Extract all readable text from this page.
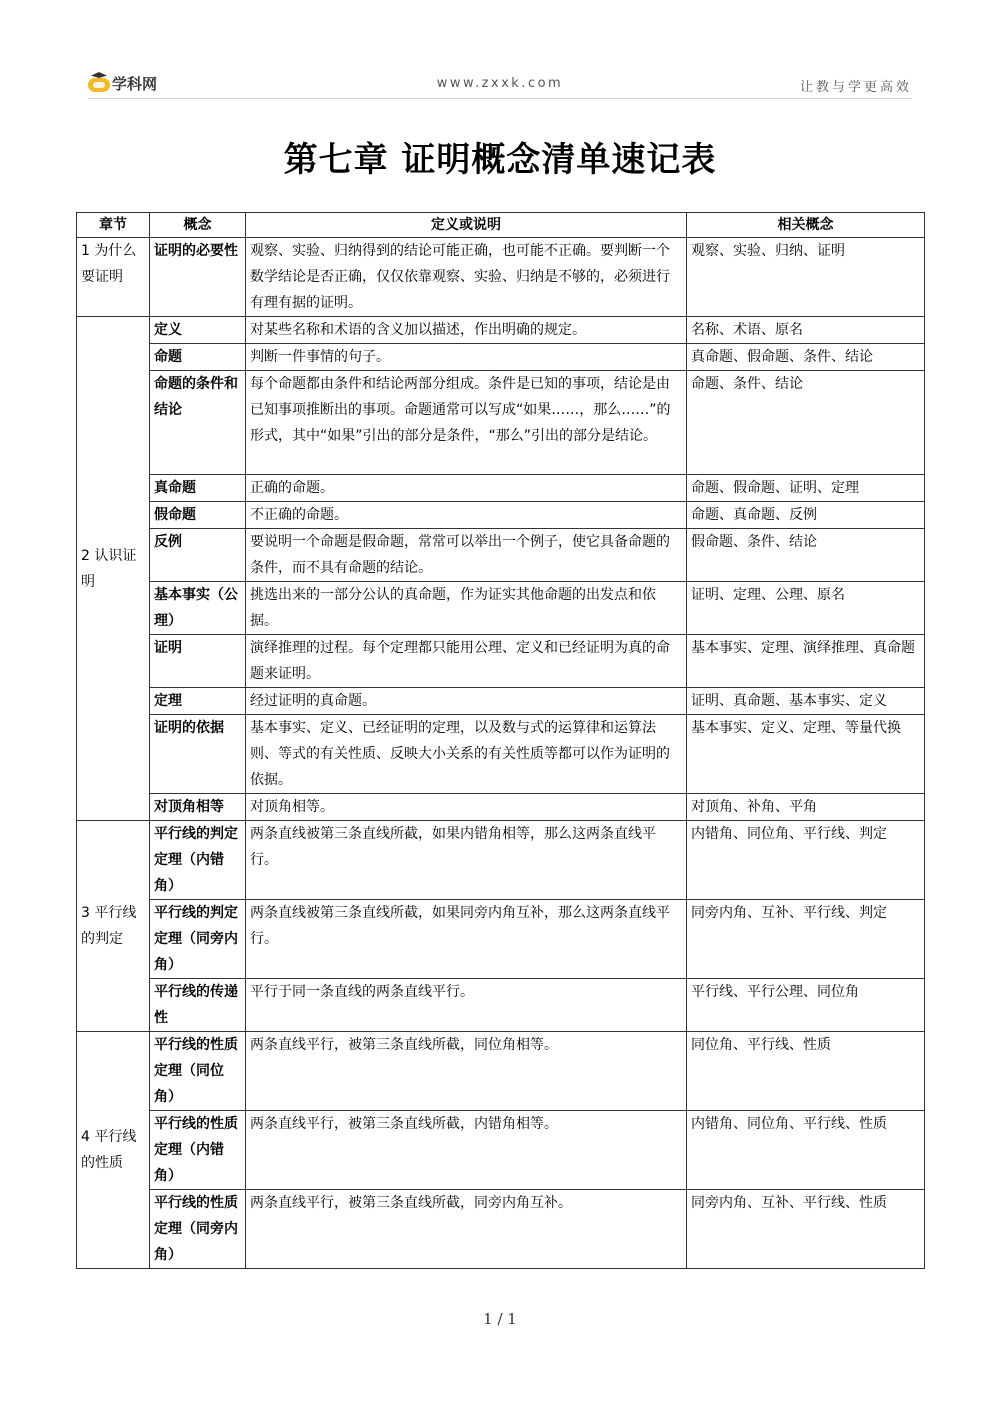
学科网	www.zxxk.com	让教与学更高效
第七章 证明概念清单速记表
章节	概念	定义或说明	相关概念
1 为什么要证明	证明的必要性	观察、实验、归纳得到的结论可能正确，也可能不正确。要判断一个数学结论是否正确，仅仅依靠观察、实验、归纳是不够的，必须进行有理有据的证明。	观察、实验、归纳、证明
2 认识证明	定义	对某些名称和术语的含义加以描述，作出明确的规定。	名称、术语、原名
	命题	判断一件事情的句子。	真命题、假命题、条件、结论
	命题的条件和结论	每个命题都由条件和结论两部分组成。条件是已知的事项，结论是由已知事项推断出的事项。命题通常可以写成“如果……，那么……”的形式，其中“如果”引出的部分是条件，“那么”引出的部分是结论。	命题、条件、结论
	真命题	正确的命题。	命题、假命题、证明、定理
	假命题	不正确的命题。	命题、真命题、反例
	反例	要说明一个命题是假命题，常常可以举出一个例子，使它具备命题的条件，而不具有命题的结论。	假命题、条件、结论
	基本事实（公理）	挑选出来的一部分公认的真命题，作为证实其他命题的出发点和依据。	证明、定理、公理、原名
	证明	演绎推理的过程。每个定理都只能用公理、定义和已经证明为真的命题来证明。	基本事实、定理、演绎推理、真命题
	定理	经过证明的真命题。	证明、真命题、基本事实、定义
	证明的依据	基本事实、定义、已经证明的定理，以及数与式的运算律和运算法则、等式的有关性质、反映大小关系的有关性质等都可以作为证明的依据。	基本事实、定义、定理、等量代换
	对顶角相等	对顶角相等。	对顶角、补角、平角
3 平行线的判定	平行线的判定定理（内错角）	两条直线被第三条直线所截，如果内错角相等，那么这两条直线平行。	内错角、同位角、平行线、判定
	平行线的判定定理（同旁内角）	两条直线被第三条直线所截，如果同旁内角互补，那么这两条直线平行。	同旁内角、互补、平行线、判定
	平行线的传递性	平行于同一条直线的两条直线平行。	平行线、平行公理、同位角
4 平行线的性质	平行线的性质定理（同位角）	两条直线平行，被第三条直线所截，同位角相等。	同位角、平行线、性质
	平行线的性质定理（内错角）	两条直线平行，被第三条直线所截，内错角相等。	内错角、同位角、平行线、性质
	平行线的性质定理（同旁内角）	两条直线平行，被第三条直线所截，同旁内角互补。	同旁内角、互补、平行线、性质
1 / 1
